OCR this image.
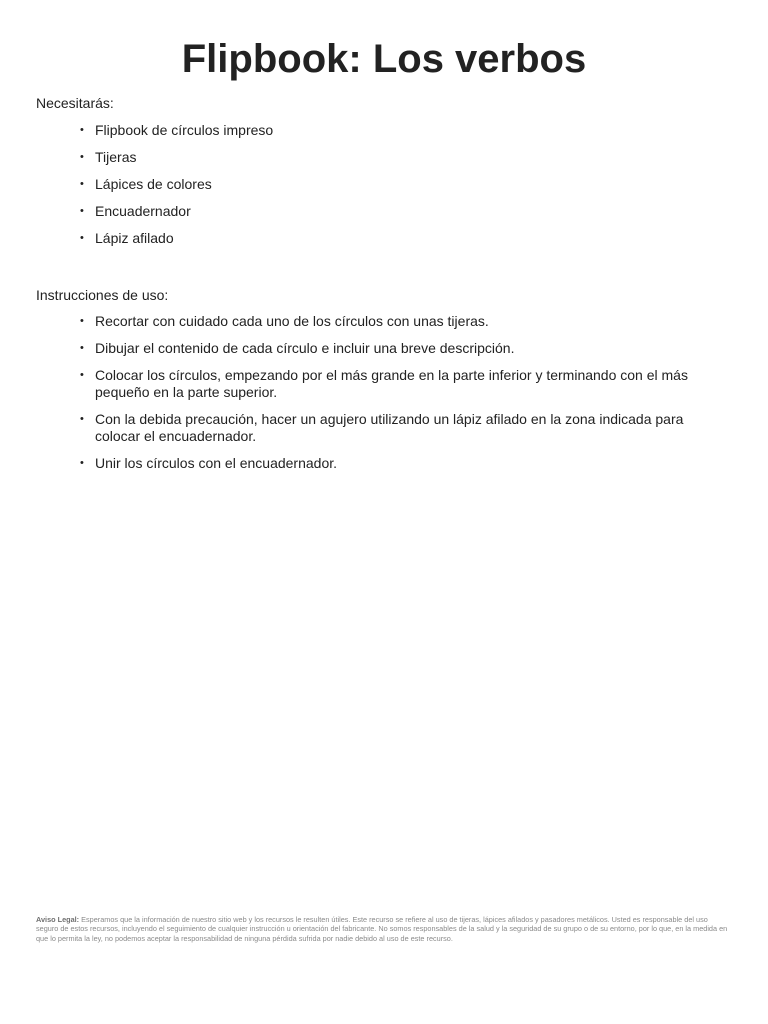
Flipbook: Los verbos
Necesitarás:
• Flipbook de círculos impreso
• Tijeras
• Lápices de colores
• Encuadernador
• Lápiz afilado
Instrucciones de uso:
• Recortar con cuidado cada uno de los círculos con unas tijeras.
• Dibujar el contenido de cada círculo e incluir una breve descripción.
• Colocar los círculos, empezando por el más grande en la parte inferior y terminando con el más pequeño en la parte superior.
• Con la debida precaución, hacer un agujero utilizando un lápiz afilado en la zona indicada para colocar el encuadernador.
• Unir los círculos con el encuadernador.
Aviso Legal: Esperamos que la información de nuestro sitio web y los recursos le resulten útiles. Este recurso se refiere al uso de tijeras, lápices afilados y pasadores metálicos. Usted es responsable del uso seguro de estos recursos, incluyendo el seguimiento de cualquier instrucción u orientación del fabricante. No somos responsables de la salud y la seguridad de su grupo o de su entorno, por lo que, en la medida en que lo permita la ley, no podemos aceptar la responsabilidad de ninguna pérdida sufrida por nadie debido al uso de este recurso.
